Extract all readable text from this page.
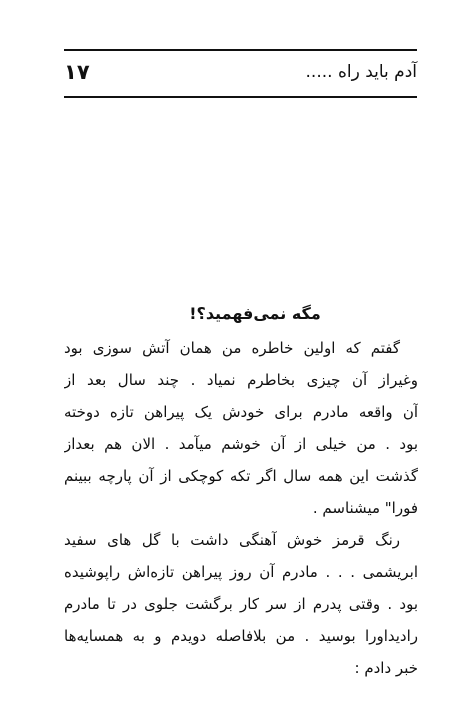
۱۷	آدم باید راه .....
مگه نمی‌فهمید؟!
گفتم که اولین خاطره من همان آتش سوزی بود
وغیراز آن چیزی بخاطرم نمیاد . چند سال بعد از
آن واقعه مادرم برای خودش یک پیراهن تازه دوخته
بود . من خیلی از آن خوشم میآمد . الان هم بعداز
گذشت این همه سال اگر تکه کوچکی از آن پارچه ببینم
فورا" میشناسم .
رنگ قرمز خوش آهنگی داشت با گل های سفید
ابریشمی . . . مادرم آن روز پیراهن تازه‌اش راپوشیده
بود . وقتی پدرم از سر کار برگشت جلوی در تا مادرم
رادیداورا بوسید . من بلافاصله دویدم و به همسایه‌ها
خبر دادم :
